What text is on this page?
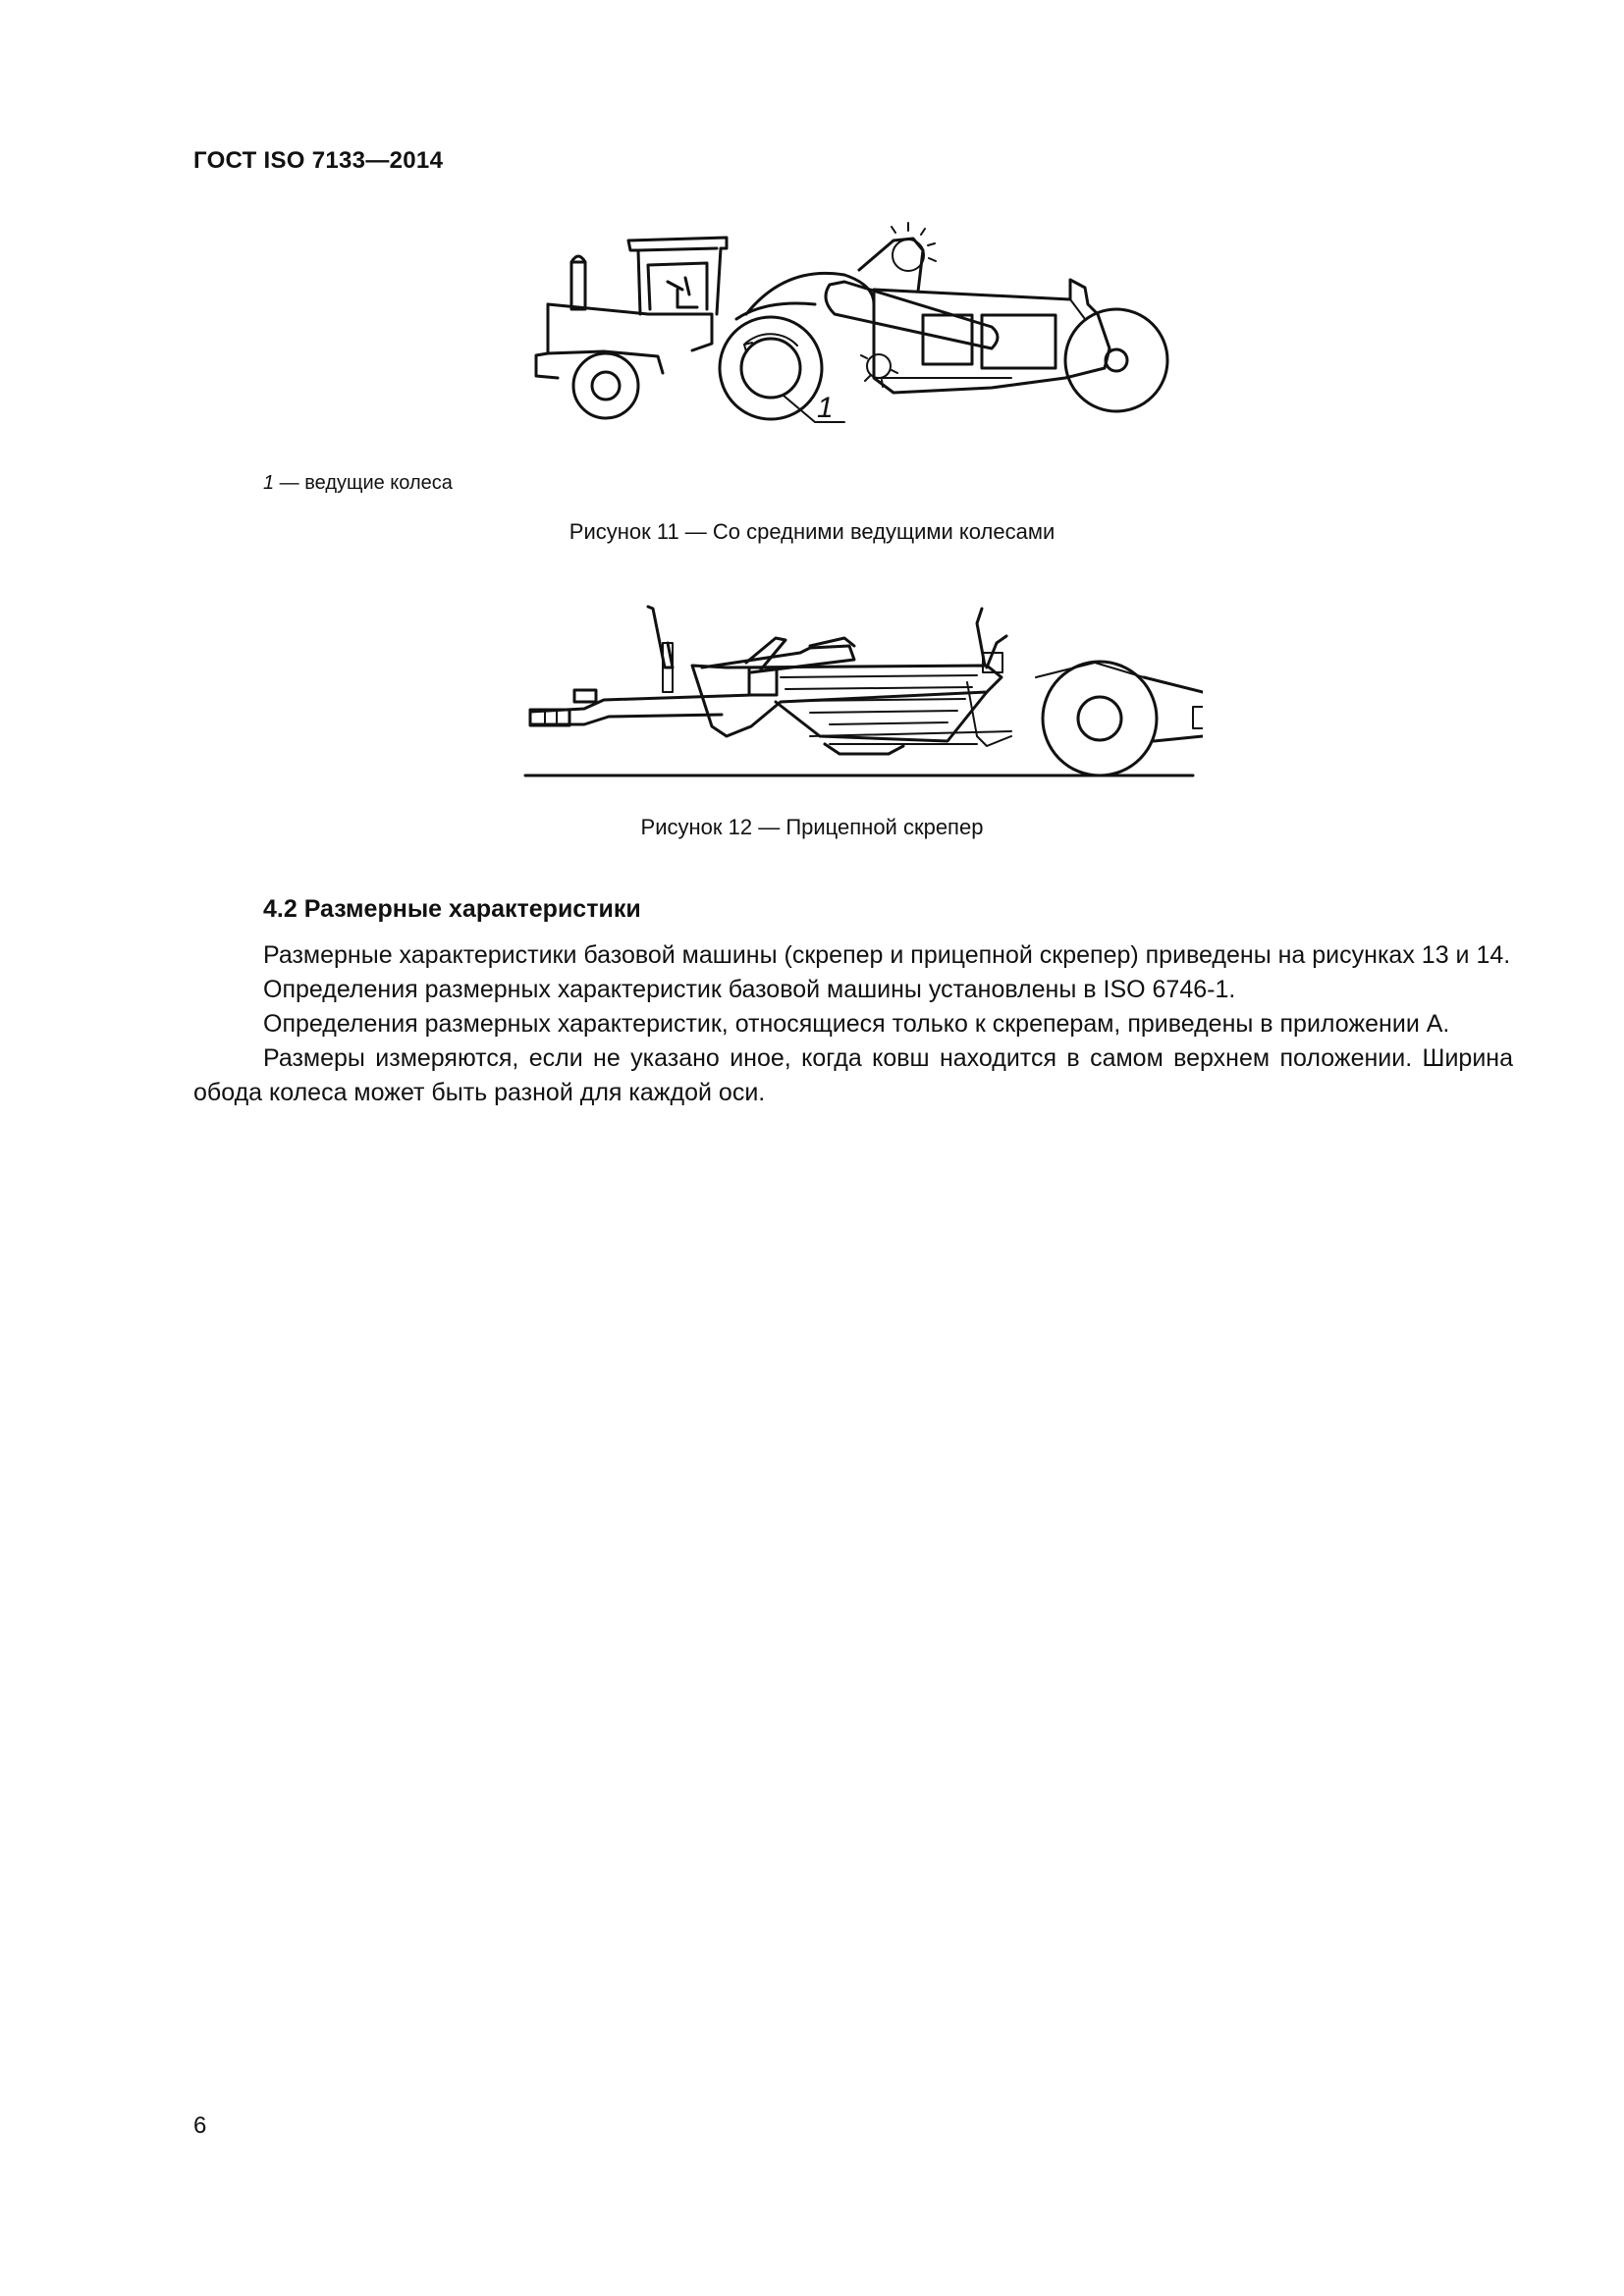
ГОСТ ISO 7133—2014
1
1 — ведущие колеса
Рисунок 11 — Со средними ведущими колесами
Рисунок 12 — Прицепной скрепер
4.2 Размерные характеристики

Размерные характеристики базовой машины (скрепер и прицепной скрепер) приведены на рисунках 13 и 14.

Определения размерных характеристик базовой машины установлены в ISO 6746-1.

Определения размерных характеристик, относящиеся только к скреперам, приведены в приложении А.

Размеры измеряются, если не указано иное, когда ковш находится в самом верхнем положении. Ширина обода колеса может быть разной для каждой оси.

6
